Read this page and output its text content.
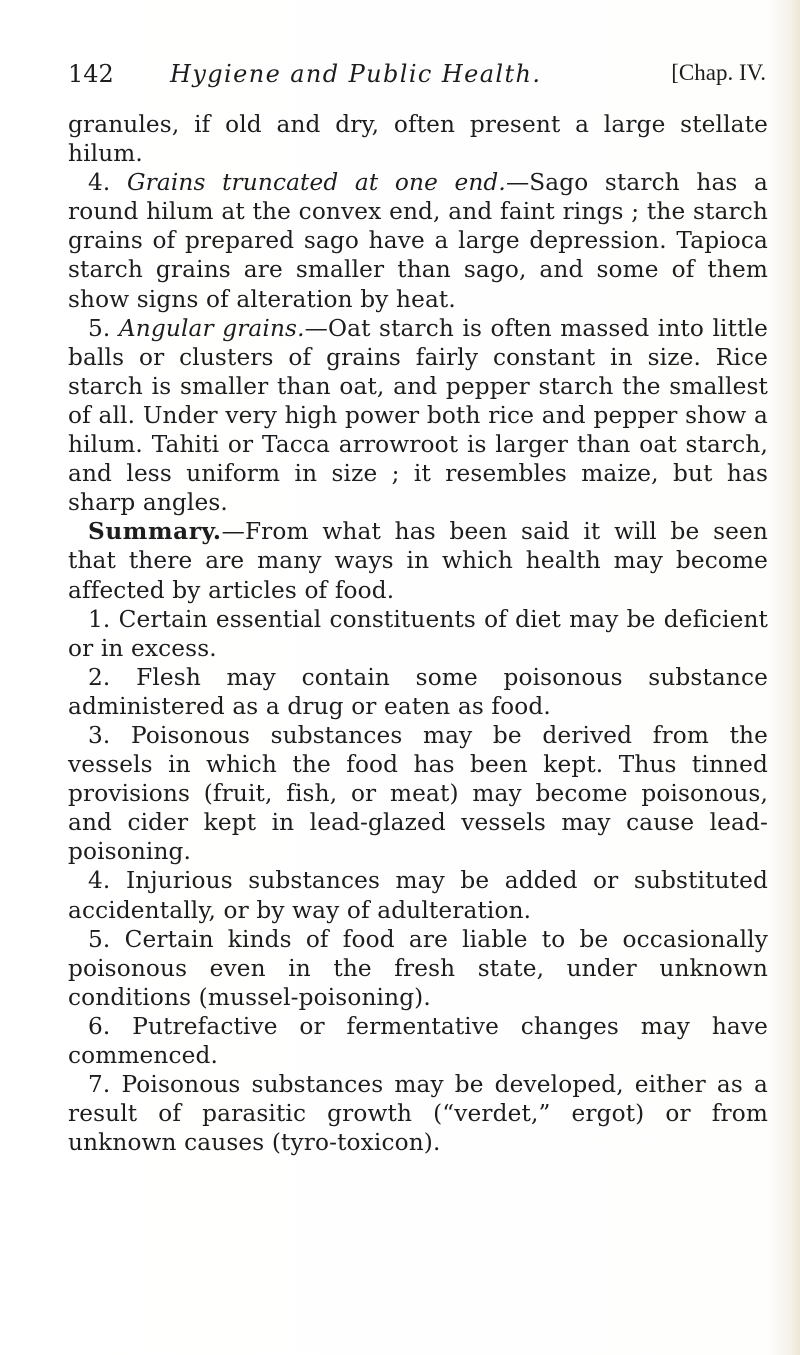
142 Hygiene and Public Health.	[Chap. IV.

granules, if old and dry, often present a large stellate hilum.

4. Grains truncated at one end.—Sago starch has a round hilum at the convex end, and faint rings ; the starch grains of prepared sago have a large depression. Tapioca starch grains are smaller than sago, and some of them show signs of alteration by heat.

5. Angular grains.—Oat starch is often massed into little balls or clusters of grains fairly constant in size. Rice starch is smaller than oat, and pepper starch the smallest of all. Under very high power both rice and pepper show a hilum. Tahiti or Tacca arrowroot is larger than oat starch, and less uniform in size ; it resembles maize, but has sharp angles.

Summary.—From what has been said it will be seen that there are many ways in which health may become affected by articles of food.

1. Certain essential constituents of diet may be deficient or in excess.

2. Flesh may contain some poisonous substance administered as a drug or eaten as food.

3. Poisonous substances may be derived from the vessels in which the food has been kept. Thus tinned provisions (fruit, fish, or meat) may become poisonous, and cider kept in lead-glazed vessels may cause lead-poisoning.

4. Injurious substances may be added or substituted accidentally, or by way of adulteration.

5. Certain kinds of food are liable to be occasionally poisonous even in the fresh state, under unknown conditions (mussel-poisoning).

6. Putrefactive or fermentative changes may have commenced.

7. Poisonous substances may be developed, either as a result of parasitic growth (“verdet,” ergot) or from unknown causes (tyro-toxicon).
